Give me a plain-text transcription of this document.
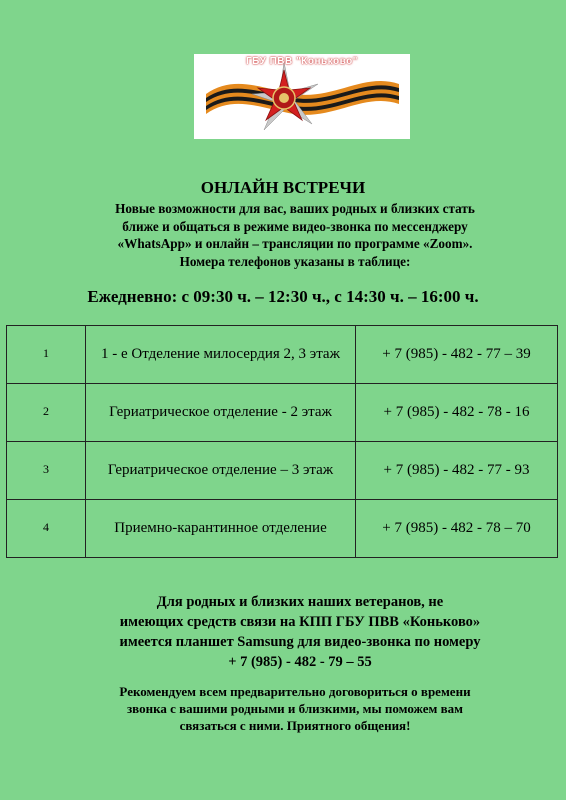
ГБУ ПВВ "Коньково"
ОНЛАЙН ВСТРЕЧИ
Новые возможности для вас, ваших родных и близких стать
ближе и общаться в режиме видео-звонка по мессенджеру
«WhatsApp» и онлайн – трансляции по программе «Zoom».
Номера телефонов указаны в таблице:
Ежедневно: с 09:30 ч. – 12:30 ч., с 14:30 ч. – 16:00 ч.
1	1 - е Отделение милосердия 2, 3 этаж	+ 7 (985) - 482 - 77 – 39
2	Гериатрическое отделение - 2 этаж	+ 7 (985) - 482 - 78 - 16
3	Гериатрическое отделение – 3 этаж	+ 7 (985) - 482 - 77 - 93
4	Приемно-карантинное отделение	+ 7 (985) - 482 - 78 – 70
Для родных и близких наших ветеранов, не
имеющих средств связи на КПП ГБУ ПВВ «Коньково»
имеется планшет Samsung для видео-звонка по номеру
+ 7 (985) - 482 - 79 – 55
Рекомендуем всем предварительно договориться о времени
звонка с вашими родными и близкими, мы поможем вам
связаться с ними. Приятного общения!
